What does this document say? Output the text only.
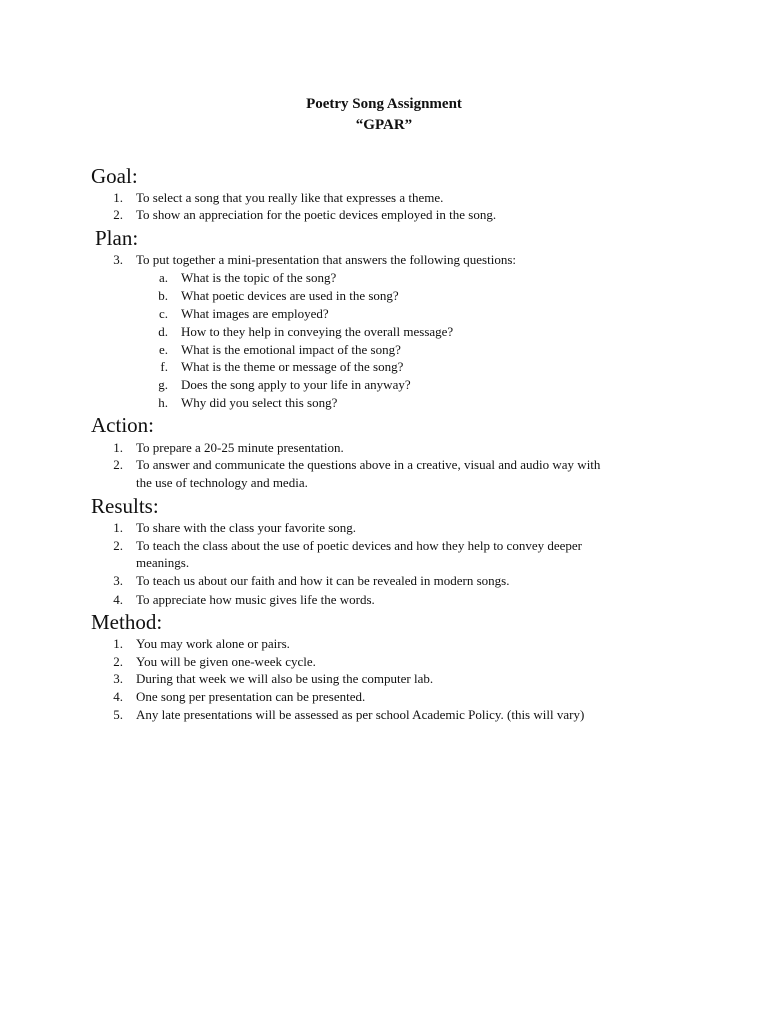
Poetry Song Assignment
“GPAR”
Goal:
1. To select a song that you really like that expresses a theme.
2. To show an appreciation for the poetic devices employed in the song.
Plan:
3. To put together a mini-presentation that answers the following questions:
a. What is the topic of the song?
b. What poetic devices are used in the song?
c. What images are employed?
d. How to they help in conveying the overall message?
e. What is the emotional impact of the song?
f. What is the theme or message of the song?
g. Does the song apply to your life in anyway?
h. Why did you select this song?
Action:
1. To prepare a 20-25 minute presentation.
2. To answer and communicate the questions above in a creative, visual and audio way with
the use of technology and media.
Results:
1. To share with the class your favorite song.
2. To teach the class about the use of poetic devices and how they help to convey deeper
meanings.
3. To teach us about our faith and how it can be revealed in modern songs.
4. To appreciate how music gives life the words.
Method:
1. You may work alone or pairs.
2. You will be given one-week cycle.
3. During that week we will also be using the computer lab.
4. One song per presentation can be presented.
5. Any late presentations will be assessed as per school Academic Policy. (this will vary)
